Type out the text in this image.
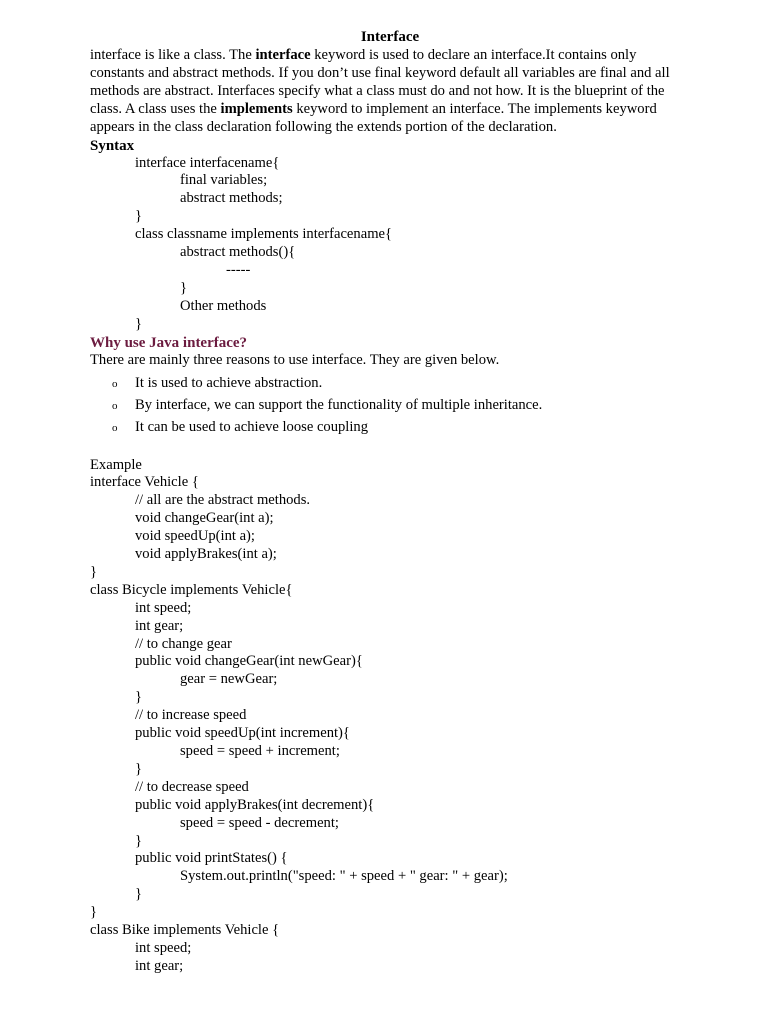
Interface

interface is like a class. The interface keyword is used to declare an interface.It contains only constants and abstract methods. If you don’t use final keyword default all variables are final and all methods are abstract. Interfaces specify what a class must do and not how. It is the blueprint of the class. A class uses the implements keyword to implement an interface. The implements keyword appears in the class declaration following the extends portion of the declaration.

Syntax

interface interfacename{
final variables;
abstract methods;
}
class classname implements interfacename{
abstract methods(){
-----
}
Other methods
}

Why use Java interface?

There are mainly three reasons to use interface. They are given below.

o It is used to achieve abstraction.
o By interface, we can support the functionality of multiple inheritance.
o It can be used to achieve loose coupling

Example

interface Vehicle {
// all are the abstract methods.
void changeGear(int a);
void speedUp(int a);
void applyBrakes(int a);
}
class Bicycle implements Vehicle{
int speed;
int gear;
// to change gear
public void changeGear(int newGear){
gear = newGear;
}
// to increase speed
public void speedUp(int increment){
speed = speed + increment;
}
// to decrease speed
public void applyBrakes(int decrement){
speed = speed - decrement;
}
public void printStates() {
System.out.println("speed: " + speed + " gear: " + gear);
}
}
class Bike implements Vehicle {
int speed;
int gear;
